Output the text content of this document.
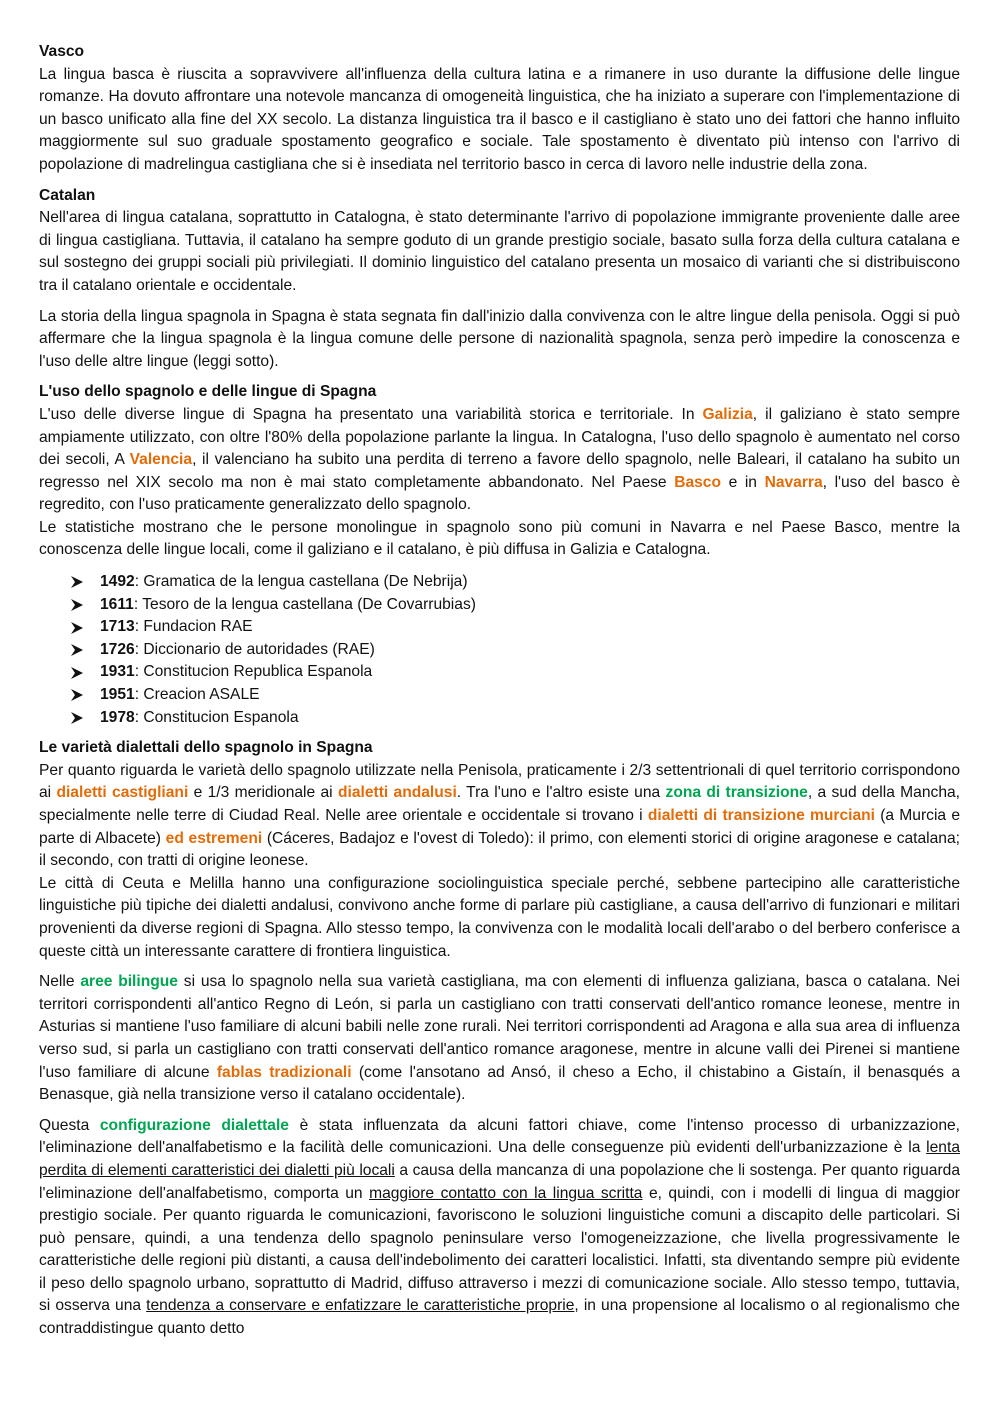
Vasco
La lingua basca è riuscita a sopravvivere all'influenza della cultura latina e a rimanere in uso durante la diffusione delle lingue romanze. Ha dovuto affrontare una notevole mancanza di omogeneità linguistica, che ha iniziato a superare con l'implementazione di un basco unificato alla fine del XX secolo. La distanza linguistica tra il basco e il castigliano è stato uno dei fattori che hanno influito maggiormente sul suo graduale spostamento geografico e sociale. Tale spostamento è diventato più intenso con l'arrivo di popolazione di madrelingua castigliana che si è insediata nel territorio basco in cerca di lavoro nelle industrie della zona.

Catalan
Nell'area di lingua catalana, soprattutto in Catalogna, è stato determinante l'arrivo di popolazione immigrante proveniente dalle aree di lingua castigliana. Tuttavia, il catalano ha sempre goduto di un grande prestigio sociale, basato sulla forza della cultura catalana e sul sostegno dei gruppi sociali più privilegiati. Il dominio linguistico del catalano presenta un mosaico di varianti che si distribuiscono tra il catalano orientale e occidentale.

La storia della lingua spagnola in Spagna è stata segnata fin dall'inizio dalla convivenza con le altre lingue della penisola. Oggi si può affermare che la lingua spagnola è la lingua comune delle persone di nazionalità spagnola, senza però impedire la conoscenza e l'uso delle altre lingue (leggi sotto).

L'uso dello spagnolo e delle lingue di Spagna
L'uso delle diverse lingue di Spagna ha presentato una variabilità storica e territoriale. In Galizia, il galiziano è stato sempre ampiamente utilizzato, con oltre l'80% della popolazione parlante la lingua. In Catalogna, l'uso dello spagnolo è aumentato nel corso dei secoli, A Valencia, il valenciano ha subito una perdita di terreno a favore dello spagnolo, nelle Baleari, il catalano ha subito un regresso nel XIX secolo ma non è mai stato completamente abbandonato. Nel Paese Basco e in Navarra, l'uso del basco è regredito, con l'uso praticamente generalizzato dello spagnolo.

Le statistiche mostrano che le persone monolingue in spagnolo sono più comuni in Navarra e nel Paese Basco, mentre la conoscenza delle lingue locali, come il galiziano e il catalano, è più diffusa in Galizia e Catalogna.

1492 : Gramatica de la lengua castellana (De Nebrija)
1611 : Tesoro de la lengua castellana (De Covarrubias)
1713 : Fundacion RAE
1726 : Diccionario de autoridades (RAE)
1931 : Constitucion Republica Espanola
1951 : Creacion ASALE
1978 : Constitucion Espanola

Le varietà dialettali dello spagnolo in Spagna
Per quanto riguarda le varietà dello spagnolo utilizzate nella Penisola, praticamente i 2/3 settentrionali di quel territorio corrispondono ai dialetti castigliani e 1/3 meridionale ai dialetti andalusi. Tra l'uno e l'altro esiste una zona di transizione, a sud della Mancha, specialmente nelle terre di Ciudad Real. Nelle aree orientale e occidentale si trovano i dialetti di transizione murciani (a Murcia e parte di Albacete) ed estremeni (Cáceres, Badajoz e l'ovest di Toledo): il primo, con elementi storici di origine aragonese e catalana; il secondo, con tratti di origine leonese.
Le città di Ceuta e Melilla hanno una configurazione sociolinguistica speciale perché, sebbene partecipino alle caratteristiche linguistiche più tipiche dei dialetti andalusi, convivono anche forme di parlare più castigliane, a causa dell'arrivo di funzionari e militari provenienti da diverse regioni di Spagna. Allo stesso tempo, la convivenza con le modalità locali dell'arabo o del berbero conferisce a queste città un interessante carattere di frontiera linguistica.

Nelle aree bilingue si usa lo spagnolo nella sua varietà castigliana, ma con elementi di influenza galiziana, basca o catalana. Nei territori corrispondenti all'antico Regno di León, si parla un castigliano con tratti conservati dell'antico romance leonese, mentre in Asturias si mantiene l'uso familiare di alcuni babili nelle zone rurali. Nei territori corrispondenti ad Aragona e alla sua area di influenza verso sud, si parla un castigliano con tratti conservati dell'antico romance aragonese, mentre in alcune valli dei Pirenei si mantiene l'uso familiare di alcune fablas tradizionali (come l'ansotano ad Ansó, il cheso a Echo, il chistabino a Gistaín, il benasqués a Benasque, già nella transizione verso il catalano occidentale).

Questa configurazione dialettale è stata influenzata da alcuni fattori chiave, come l'intenso processo di urbanizzazione, l'eliminazione dell'analfabetismo e la facilità delle comunicazioni. Una delle conseguenze più evidenti dell'urbanizzazione è la lenta perdita di elementi caratteristici dei dialetti più locali a causa della mancanza di una popolazione che li sostenga. Per quanto riguarda l'eliminazione dell'analfabetismo, comporta un maggiore contatto con la lingua scritta e, quindi, con i modelli di lingua di maggior prestigio sociale. Per quanto riguarda le comunicazioni, favoriscono le soluzioni linguistiche comuni a discapito delle particolari. Si può pensare, quindi, a una tendenza dello spagnolo peninsulare verso l'omogeneizzazione, che livella progressivamente le caratteristiche delle regioni più distanti, a causa dell'indebolimento dei caratteri localistici. Infatti, sta diventando sempre più evidente il peso dello spagnolo urbano, soprattutto di Madrid, diffuso attraverso i mezzi di comunicazione sociale. Allo stesso tempo, tuttavia, si osserva una tendenza a conservare e enfatizzare le caratteristiche proprie, in una propensione al localismo o al regionalismo che contraddistingue quanto detto
